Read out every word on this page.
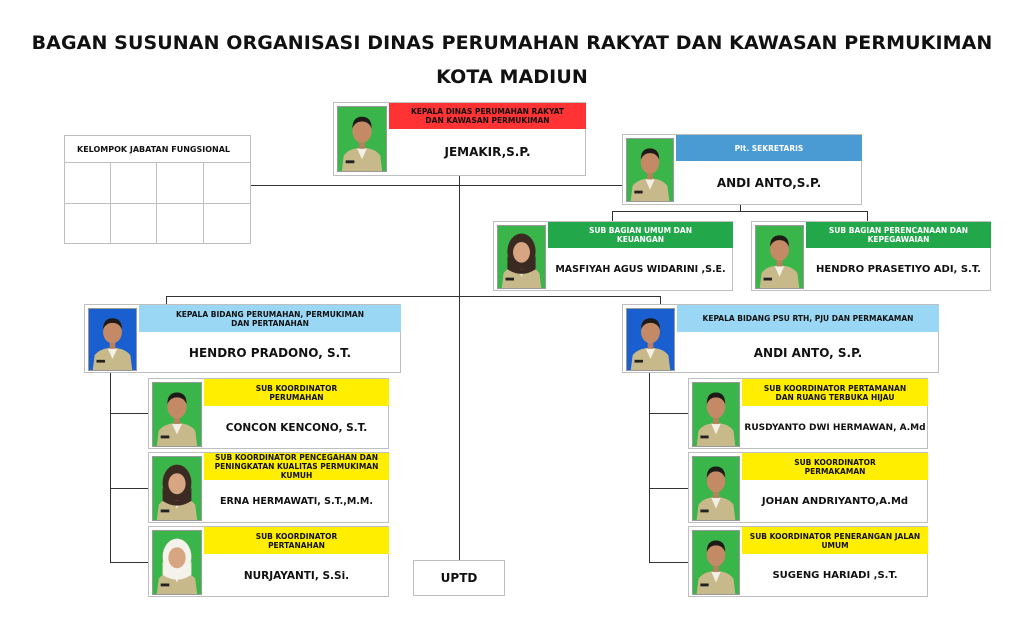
BAGAN SUSUNAN ORGANISASI DINAS PERUMAHAN RAKYAT DAN KAWASAN PERMUKIMAN
KOTA MADIUN
KELOMPOK JABATAN FUNGSIONAL
KEPALA DINAS PERUMAHAN RAKYAT
DAN KAWASAN PERMUKIMAN
JEMAKIR,S.P.	Plt. SEKRETARIS
ANDI ANTO,S.P.
SUB BAGIAN UMUM DAN
KEUANGAN
MASFIYAH AGUS WIDARINI ,S.E.
SUB BAGIAN PERENCANAAN DAN
KEPEGAWAIAN
HENDRO PRASETIYO ADI, S.T.
KEPALA BIDANG PERUMAHAN, PERMUKIMAN
DAN PERTANAHAN
HENDRO PRADONO, S.T.
KEPALA BIDANG PSU RTH, PJU DAN PERMAKAMAN
ANDI ANTO, S.P.
SUB KOORDINATOR
PERUMAHAN
CONCON KENCONO, S.T.
SUB KOORDINATOR PENCEGAHAN DAN
PENINGKATAN KUALITAS PERMUKIMAN
KUMUH
ERNA HERMAWATI, S.T.,M.M.
SUB KOORDINATOR
PERTANAHAN
NURJAYANTI, S.Si.
SUB KOORDINATOR PERTAMANAN
DAN RUANG TERBUKA HIJAU
RUSDYANTO DWI HERMAWAN, A.Md
SUB KOORDINATOR
PERMAKAMAN
JOHAN ANDRIYANTO,A.Md
SUB KOORDINATOR PENERANGAN JALAN
UMUM
SUGENG HARIADI ,S.T.
UPTD
